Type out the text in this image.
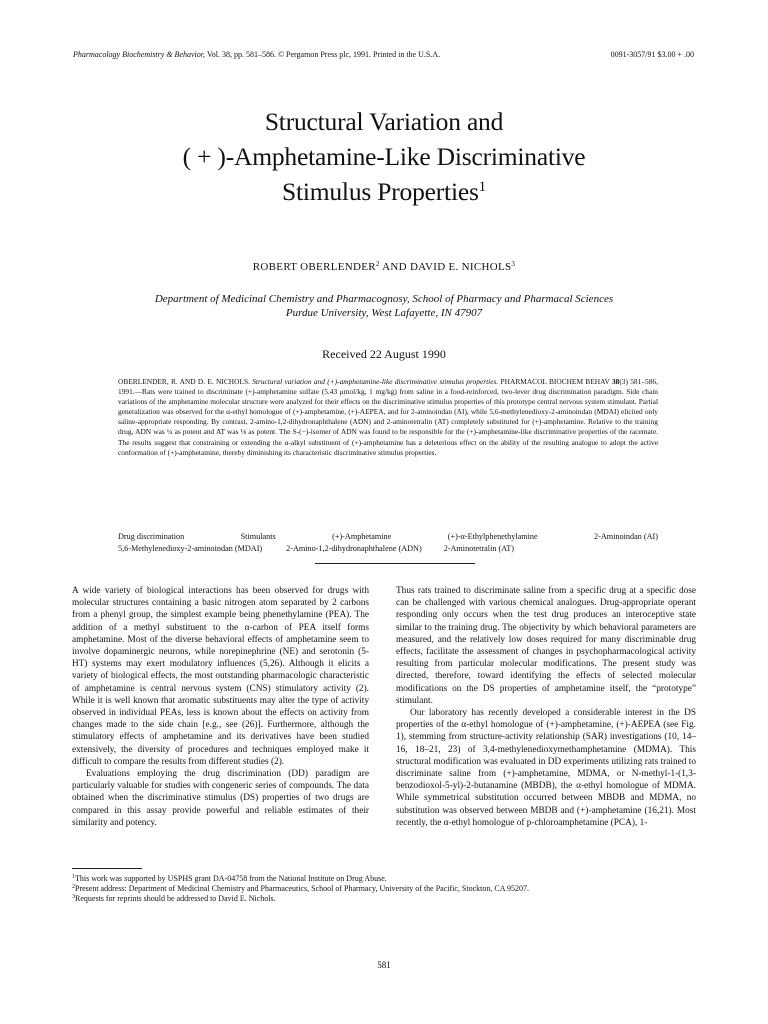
Pharmacology Biochemistry & Behavior, Vol. 38, pp. 581–586. © Pergamon Press plc, 1991. Printed in the U.S.A.	0091-3057/91 $3.00 + .00
Structural Variation and
( + )-Amphetamine-Like Discriminative
Stimulus Properties$^1$
ROBERT OBERLENDER$^2$ AND DAVID E. NICHOLS$^3$
Department of Medicinal Chemistry and Pharmacognosy, School of Pharmacy and Pharmacal Sciences
Purdue University, West Lafayette, IN 47907
Received 22 August 1990
OBERLENDER, R. AND D. E. NICHOLS. Structural variation and (+)-amphetamine-like discriminative stimulus properties. PHARMACOL BIOCHEM BEHAV 38(3) 581–586, 1991.—Rats were trained to discriminate (+)-amphetamine sulfate (5.43 μmol/kg, 1 mg/kg) from saline in a food-reinforced, two-lever drug discrimination paradigm. Side chain variations of the amphetamine molecular structure were analyzed for their effects on the discriminative stimulus properties of this prototype central nervous system stimulant. Partial generalization was observed for the α-ethyl homologue of (+)-amphetamine, (+)-AEPEA, and for 2-aminoindan (AI), while 5,6-methylenedioxy-2-aminoindan (MDAI) elicited only saline-appropriate responding. By contrast, 2-amino-1,2-dihydronaphthalene (ADN) and 2-aminotetralin (AT) completely substituted for (+)-amphetamine. Relative to the training drug, ADN was ¼ as potent and AT was ⅛ as potent. The S-(−)-isomer of ADN was found to be responsible for the (+)-amphetamine-like discriminative properties of the racemate. The results suggest that constraining or extending the α-alkyl substituent of (+)-amphetamine has a deleterious effect on the ability of the resulting analogue to adopt the active conformation of (+)-amphetamine, thereby diminishing its characteristic discriminative stimulus properties.
Drug discrimination	Stimulants	(+)-Amphetamine	(+)-α-Ethylphenethylamine	2-Aminoindan (AI)
5,6-Methylenedioxy-2-aminoindan (MDAI)	2-Amino-1,2-dihydronaphthalene (ADN)	2-Aminotetralin (AT)

A wide variety of biological interactions has been observed for drugs with molecular structures containing a basic nitrogen atom separated by 2 carbons from a phenyl group, the simplest example being phenethylamine (PEA). The addition of a methyl substituent to the α-carbon of PEA itself forms amphetamine. Most of the diverse behavioral effects of amphetamine seem to involve dopaminergic neurons, while norepinephrine (NE) and serotonin (5-HT) systems may exert modulatory influences (5,26). Although it elicits a variety of biological effects, the most outstanding pharmacologic characteristic of amphetamine is central nervous system (CNS) stimulatory activity (2). While it is well known that aromatic substituents may alter the type of activity observed in individual PEAs, less is known about the effects on activity from changes made to the side chain [e.g., see (26)]. Furthermore, although the stimulatory effects of amphetamine and its derivatives have been studied extensively, the diversity of procedures and techniques employed make it difficult to compare the results from different studies (2).

Evaluations employing the drug discrimination (DD) paradigm are particularly valuable for studies with congeneric series of compounds. The data obtained when the discriminative stimulus (DS) properties of two drugs are compared in this assay provide powerful and reliable estimates of their similarity and potency.

Thus rats trained to discriminate saline from a specific drug at a specific dose can be challenged with various chemical analogues. Drug-appropriate operant responding only occurs when the test drug produces an interoceptive state similar to the training drug. The objectivity by which behavioral parameters are measured, and the relatively low doses required for many discriminable drug effects, facilitate the assessment of changes in psychopharmacological activity resulting from particular molecular modifications. The present study was directed, therefore, toward identifying the effects of selected molecular modifications on the DS properties of amphetamine itself, the “prototype” stimulant.

Our laboratory has recently developed a considerable interest in the DS properties of the α-ethyl homologue of (+)-amphetamine, (+)-AEPEA (see Fig. 1), stemming from structure-activity relationship (SAR) investigations (10, 14–16, 18–21, 23) of 3,4-methylenedioxymethamphetamine (MDMA). This structural modification was evaluated in DD experiments utilizing rats trained to discriminate saline from (+)-amphetamine, MDMA, or N-methyl-1-(1,3-benzodioxol-5-yl)-2-butanamine (MBDB), the α-ethyl homologue of MDMA. While symmetrical substitution occurred between MBDB and MDMA, no substitution was observed between MBDB and (+)-amphetamine (16,21). Most recently, the α-ethyl homologue of p-chloroamphetamine (PCA), 1-

$^1$This work was supported by USPHS grant DA-04758 from the National Institute on Drug Abuse.
$^2$Present address: Department of Medicinal Chemistry and Pharmaceutics, School of Pharmacy, University of the Pacific, Stockton, CA 95207.
$^3$Requests for reprints should be addressed to David E. Nichols.
581
